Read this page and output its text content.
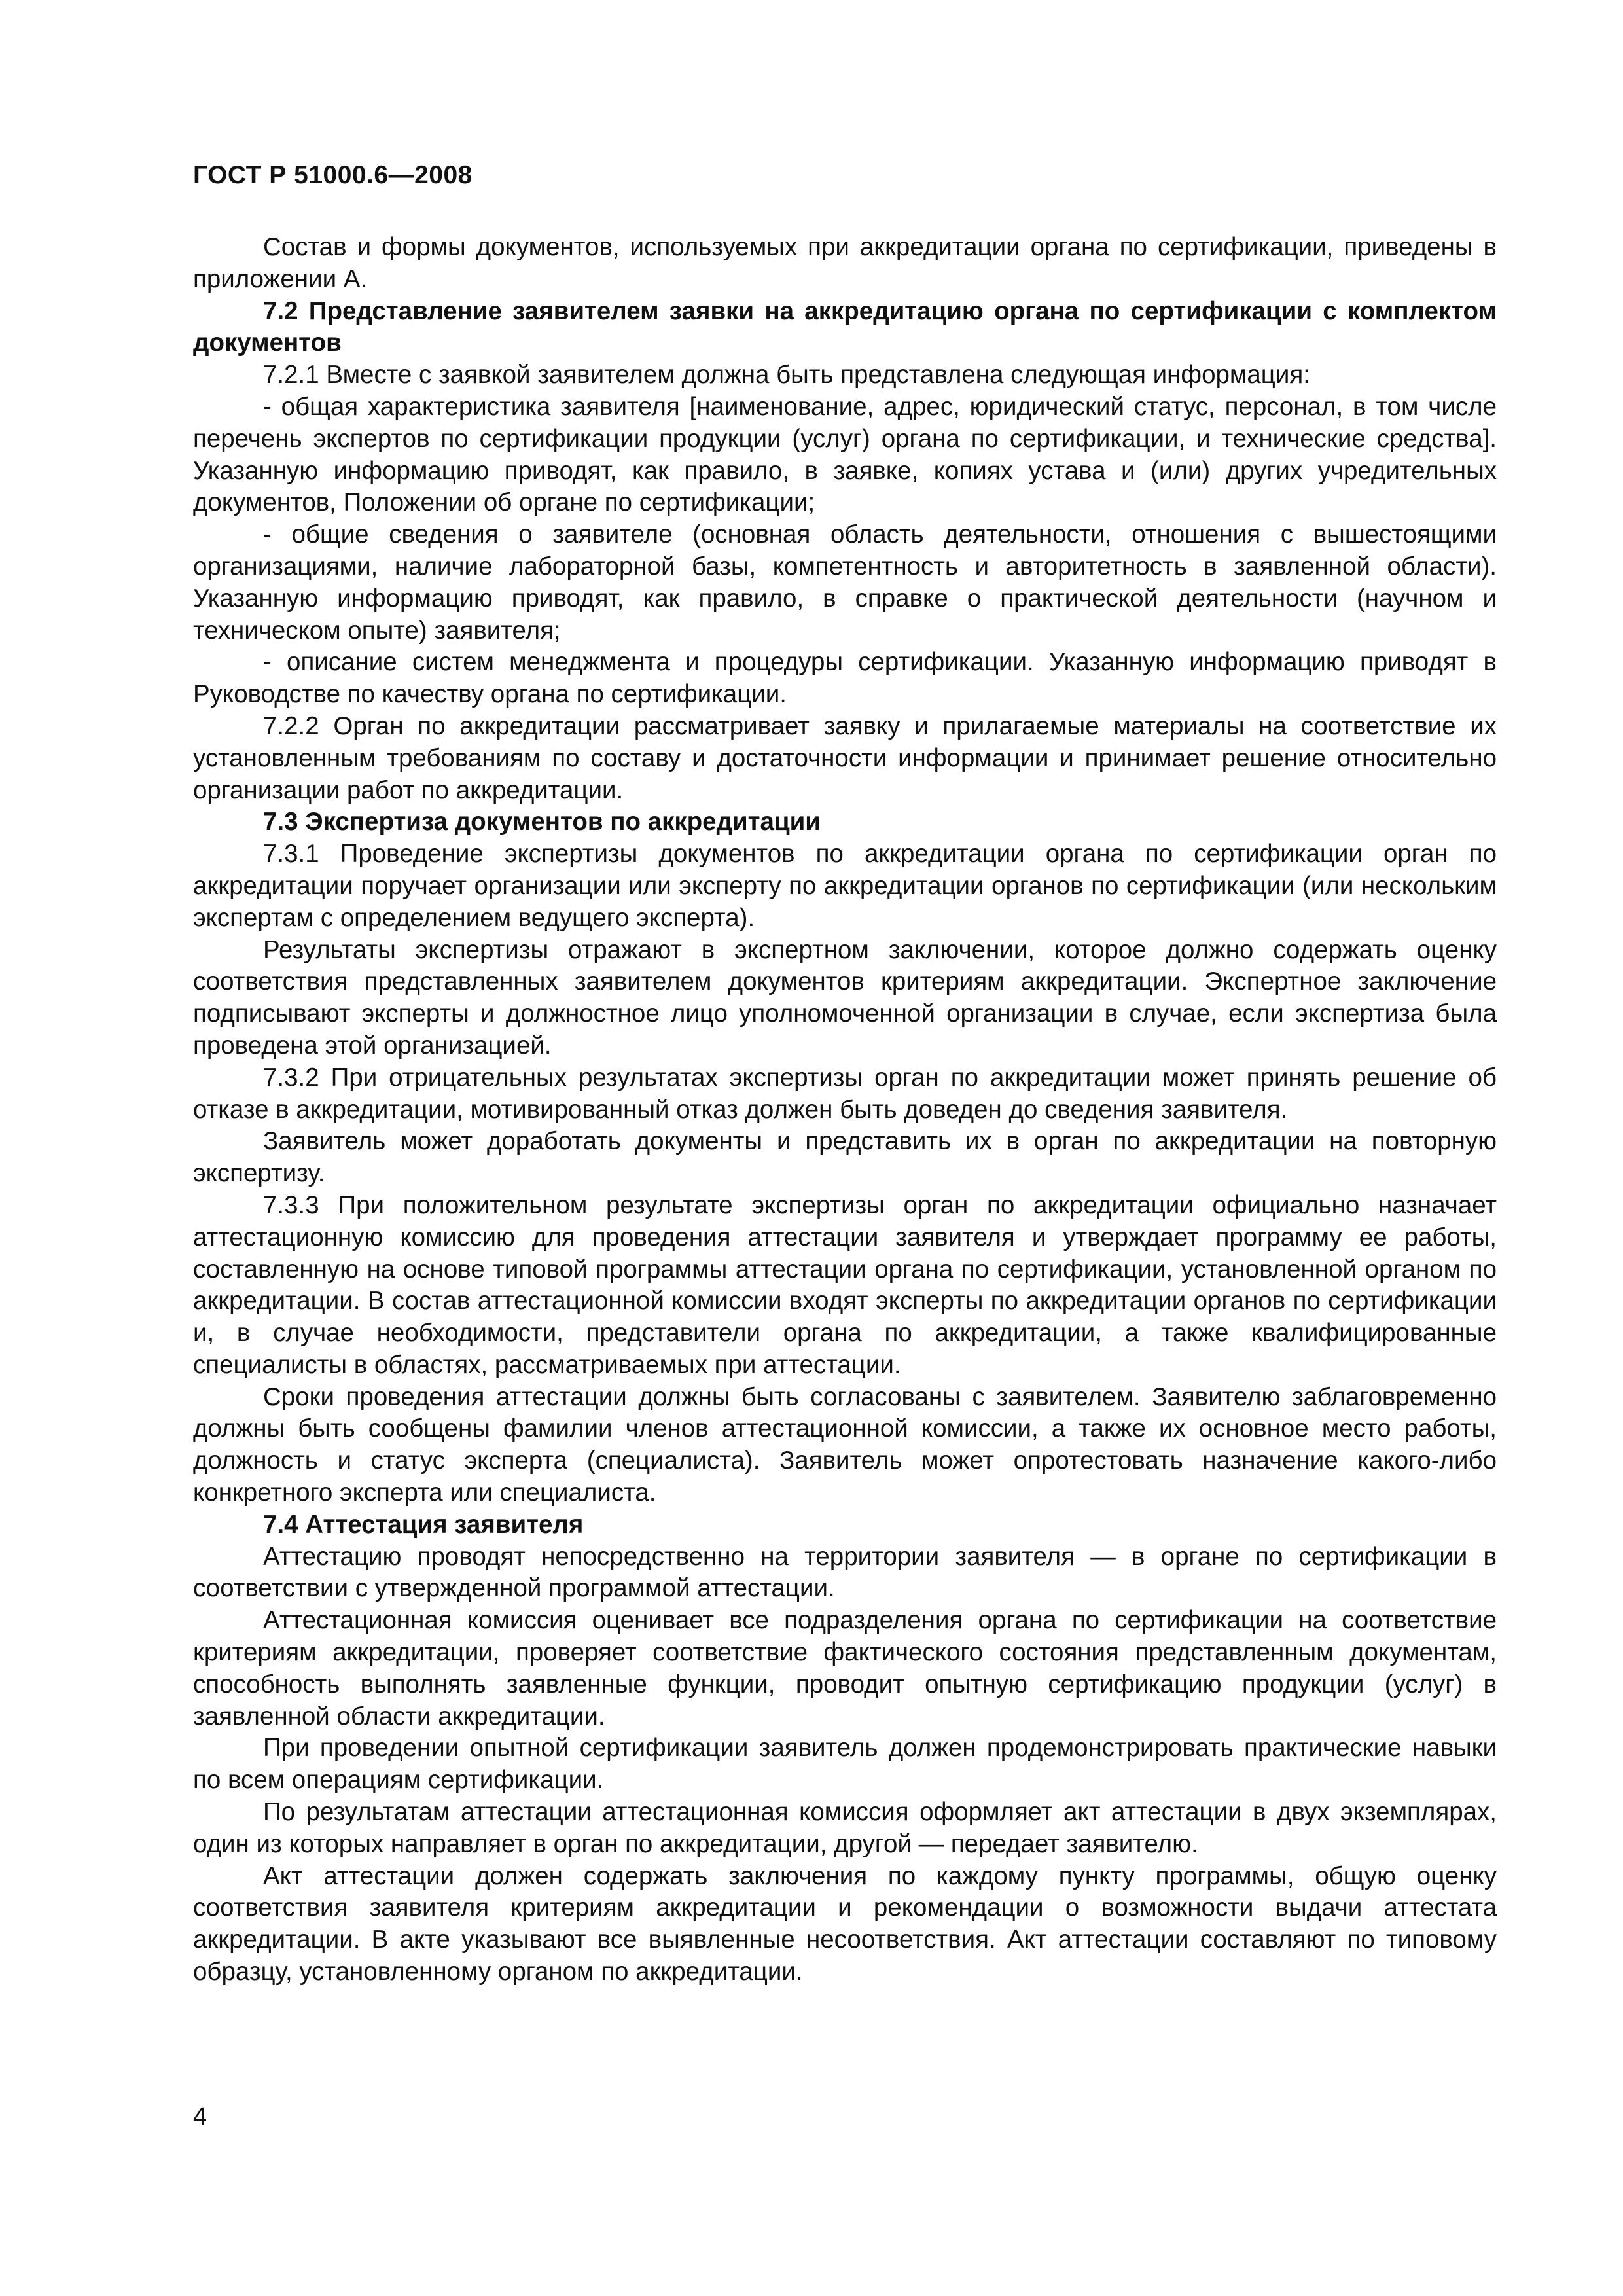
ГОСТ Р 51000.6—2008

Состав и формы документов, используемых при аккредитации органа по сертификации, приведены в приложении А.

7.2 Представление заявителем заявки на аккредитацию органа по сертификации с комплектом документов

7.2.1 Вместе с заявкой заявителем должна быть представлена следующая информация:

- общая характеристика заявителя [наименование, адрес, юридический статус, персонал, в том числе перечень экспертов по сертификации продукции (услуг) органа по сертификации, и технические средства]. Указанную информацию приводят, как правило, в заявке, копиях устава и (или) других учредительных документов, Положении об органе по сертификации;

- общие сведения о заявителе (основная область деятельности, отношения с вышестоящими организациями, наличие лабораторной базы, компетентность и авторитетность в заявленной области). Указанную информацию приводят, как правило, в справке о практической деятельности (научном и техническом опыте) заявителя;

- описание систем менеджмента и процедуры сертификации. Указанную информацию приводят в Руководстве по качеству органа по сертификации.

7.2.2 Орган по аккредитации рассматривает заявку и прилагаемые материалы на соответствие их установленным требованиям по составу и достаточности информации и принимает решение относительно организации работ по аккредитации.

7.3 Экспертиза документов по аккредитации

7.3.1 Проведение экспертизы документов по аккредитации органа по сертификации орган по аккредитации поручает организации или эксперту по аккредитации органов по сертификации (или нескольким экспертам с определением ведущего эксперта).

Результаты экспертизы отражают в экспертном заключении, которое должно содержать оценку соответствия представленных заявителем документов критериям аккредитации. Экспертное заключение подписывают эксперты и должностное лицо уполномоченной организации в случае, если экспертиза была проведена этой организацией.

7.3.2 При отрицательных результатах экспертизы орган по аккредитации может принять решение об отказе в аккредитации, мотивированный отказ должен быть доведен до сведения заявителя.

Заявитель может доработать документы и представить их в орган по аккредитации на повторную экспертизу.

7.3.3 При положительном результате экспертизы орган по аккредитации официально назначает аттестационную комиссию для проведения аттестации заявителя и утверждает программу ее работы, составленную на основе типовой программы аттестации органа по сертификации, установленной органом по аккредитации. В состав аттестационной комиссии входят эксперты по аккредитации органов по сертификации и, в случае необходимости, представители органа по аккредитации, а также квалифицированные специалисты в областях, рассматриваемых при аттестации.

Сроки проведения аттестации должны быть согласованы с заявителем. Заявителю заблаговременно должны быть сообщены фамилии членов аттестационной комиссии, а также их основное место работы, должность и статус эксперта (специалиста). Заявитель может опротестовать назначение какого-либо конкретного эксперта или специалиста.

7.4 Аттестация заявителя

Аттестацию проводят непосредственно на территории заявителя — в органе по сертификации в соответствии с утвержденной программой аттестации.

Аттестационная комиссия оценивает все подразделения органа по сертификации на соответствие критериям аккредитации, проверяет соответствие фактического состояния представленным документам, способность выполнять заявленные функции, проводит опытную сертификацию продукции (услуг) в заявленной области аккредитации.

При проведении опытной сертификации заявитель должен продемонстрировать практические навыки по всем операциям сертификации.

По результатам аттестации аттестационная комиссия оформляет акт аттестации в двух экземплярах, один из которых направляет в орган по аккредитации, другой — передает заявителю.

Акт аттестации должен содержать заключения по каждому пункту программы, общую оценку соответствия заявителя критериям аккредитации и рекомендации о возможности выдачи аттестата аккредитации. В акте указывают все выявленные несоответствия. Акт аттестации составляют по типовому образцу, установленному органом по аккредитации.

4
